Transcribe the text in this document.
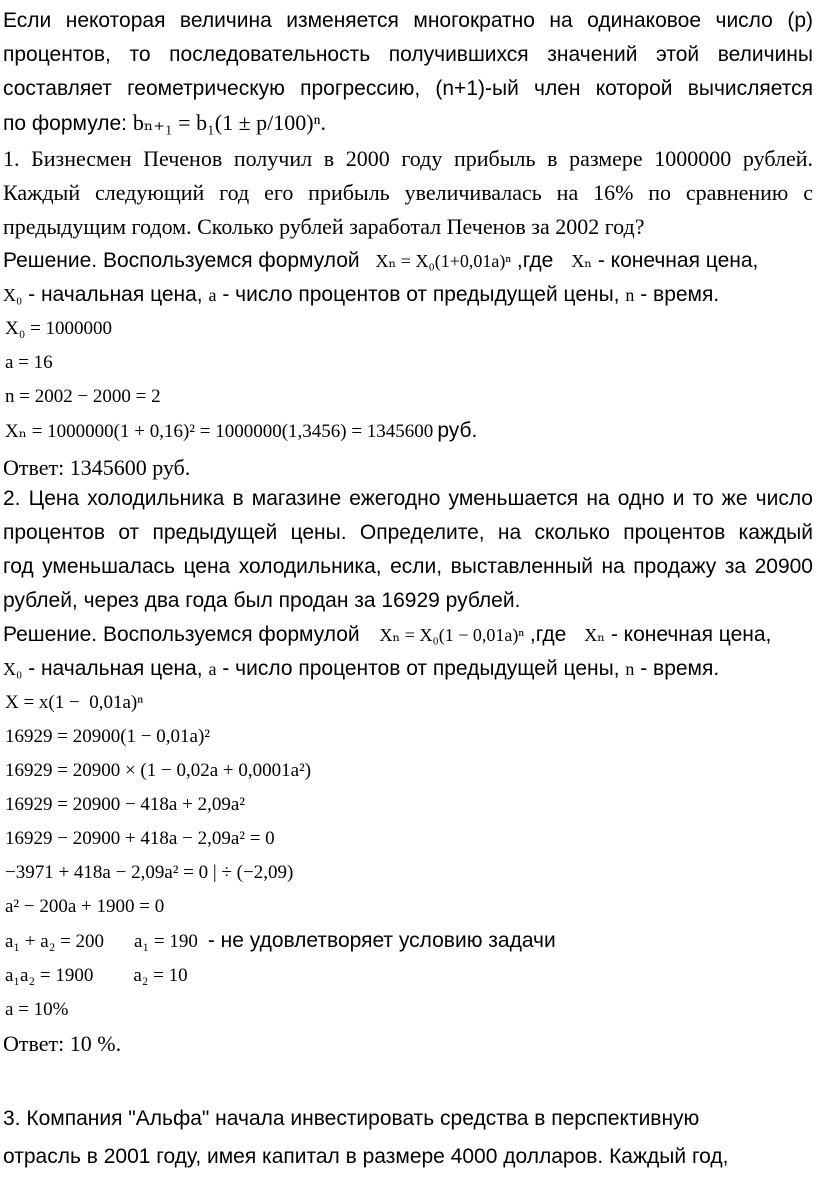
Если некоторая величина изменяется многократно на одинаковое число (p)

процентов, то последовательность получившихся значений этой величины

составляет геометрическую прогрессию, (n+1)-ый член которой вычисляется

по формуле: bₙ₊₁ = b₁(1 ± p/100)ⁿ.

1. Бизнесмен Печенов получил в 2000 году прибыль в размере 1000000 рублей.

Каждый следующий год его прибыль увеличивалась на 16% по сравнению с

предыдущим годом. Сколько рублей заработал Печенов за 2002 год?

Решение. Воспользуемся формулой Xₙ = X₀(1+0,01a)ⁿ ,где Xₙ - конечная цена,

X₀ - начальная цена, a - число процентов от предыдущей цены, n - время.

X₀ = 1000000

a = 16

n = 2002 − 2000 = 2

Xₙ = 1000000(1 + 0,16)² = 1000000(1,3456) = 1345600 руб.

Ответ: 1345600 руб.

2. Цена холодильника в магазине ежегодно уменьшается на одно и то же число

процентов от предыдущей цены. Определите, на сколько процентов каждый

год уменьшалась цена холодильника, если, выставленный на продажу за 20900

рублей, через два года был продан за 16929 рублей.

Решение. Воспользуемся формулой Xₙ = X₀(1 − 0,01a)ⁿ ,где Xₙ - конечная цена,

X₀ - начальная цена, a - число процентов от предыдущей цены, n - время.

X = x(1 −  0,01a)ⁿ

16929 = 20900(1 − 0,01a)²

16929 = 20900 × (1 − 0,02a + 0,0001a²)

16929 = 20900 − 418a + 2,09a²

16929 − 20900 + 418a − 2,09a² = 0

−3971 + 418a − 2,09a² = 0 | ÷ (−2,09)

a² − 200a + 1900 = 0

a₁ + a₂ = 200 a₁ = 190 - не удовлетворяет условию задачи

a₁a₂ = 1900 a₂ = 10

a = 10%

Ответ: 10 %.

3. Компания "Альфа" начала инвестировать средства в перспективную

отрасль в 2001 году, имея капитал в размере 4000 долларов. Каждый год,
